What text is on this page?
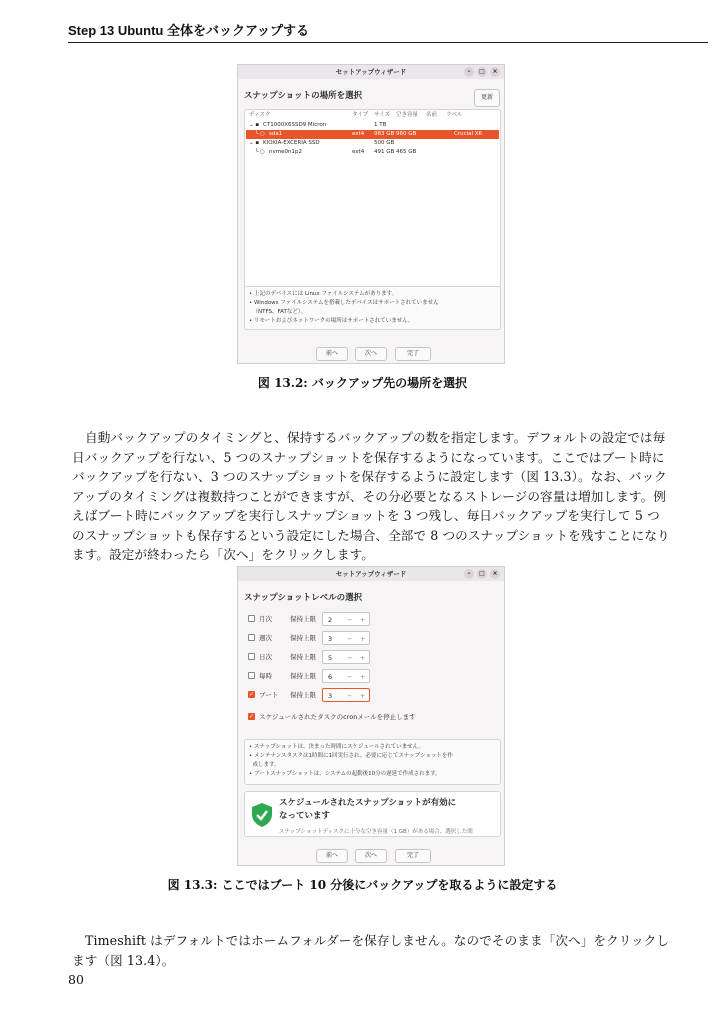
Step 13 Ubuntu 全体をバックアップする
セットアップウィザード	–	□	×
スナップショットの場所を選択	更新
ディスク	タイプ サイズ 空き容量 名前 ラベル
⌄ ▪ CT1000X6SSD9 Micron	1 TB
└ ○ sda1	ext4 983 GB 960 GB	Crucial X6
⌄ ▪ KIOXIA-EXCERIA SSD	500 GB
└ ○ nvme0n1p2	ext4 491 GB 465 GB
• 上記のデバイスには Linux ファイルシステムがあります。
• Windows ファイルシステムを搭載したデバイスはサポートされていません
（NTFS、FATなど）。
• リモートおよびネットワークの場所はサポートされていません。
前へ	次へ	完了
図 13.2: バックアップ先の場所を選択
自動バックアップのタイミングと、保持するバックアップの数を指定します。デフォルトの設定では毎日バックアップを行ない、5 つのスナップショットを保存するようになっています。ここではブート時にバックアップを行ない、3 つのスナップショットを保存するように設定します（図 13.3）。なお、バックアップのタイミングは複数持つことができますが、その分必要となるストレージの容量は増加します。例えばブート時にバックアップを実行しスナップショットを 3 つ残し、毎日バックアップを実行して 5 つのスナップショットも保存するという設定にした場合、全部で 8 つのスナップショットを残すことになります。設定が終わったら「次へ」をクリックします。
セットアップウィザード	–	□	×
スナップショットレベルの選択
月次	保持上限 2 − +
週次	保持上限 3 − +
日次	保持上限 5 − +
毎時	保持上限 6 − +
✓ ブート 保持上限 3 − +
✓ スケジュールされたタスクのcronメールを停止します
• スナップショットは、決まった時間にスケジュールされていません。
• メンテナンスタスクは1時間に1回実行され、必要に応じてスナップショットを作
成します。
• ブートスナップショットは、システムの起動後10分の遅延で作成されます。
スケジュールされたスナップショットが有効になっています
スナップショットディスクに十分な空き容量（1 GB）がある場合、選択した間
前へ	次へ	完了
図 13.3: ここではブート 10 分後にバックアップを取るように設定する
Timeshift はデフォルトではホームフォルダーを保存しません。なのでそのまま「次へ」をクリックします（図 13.4）。
80
